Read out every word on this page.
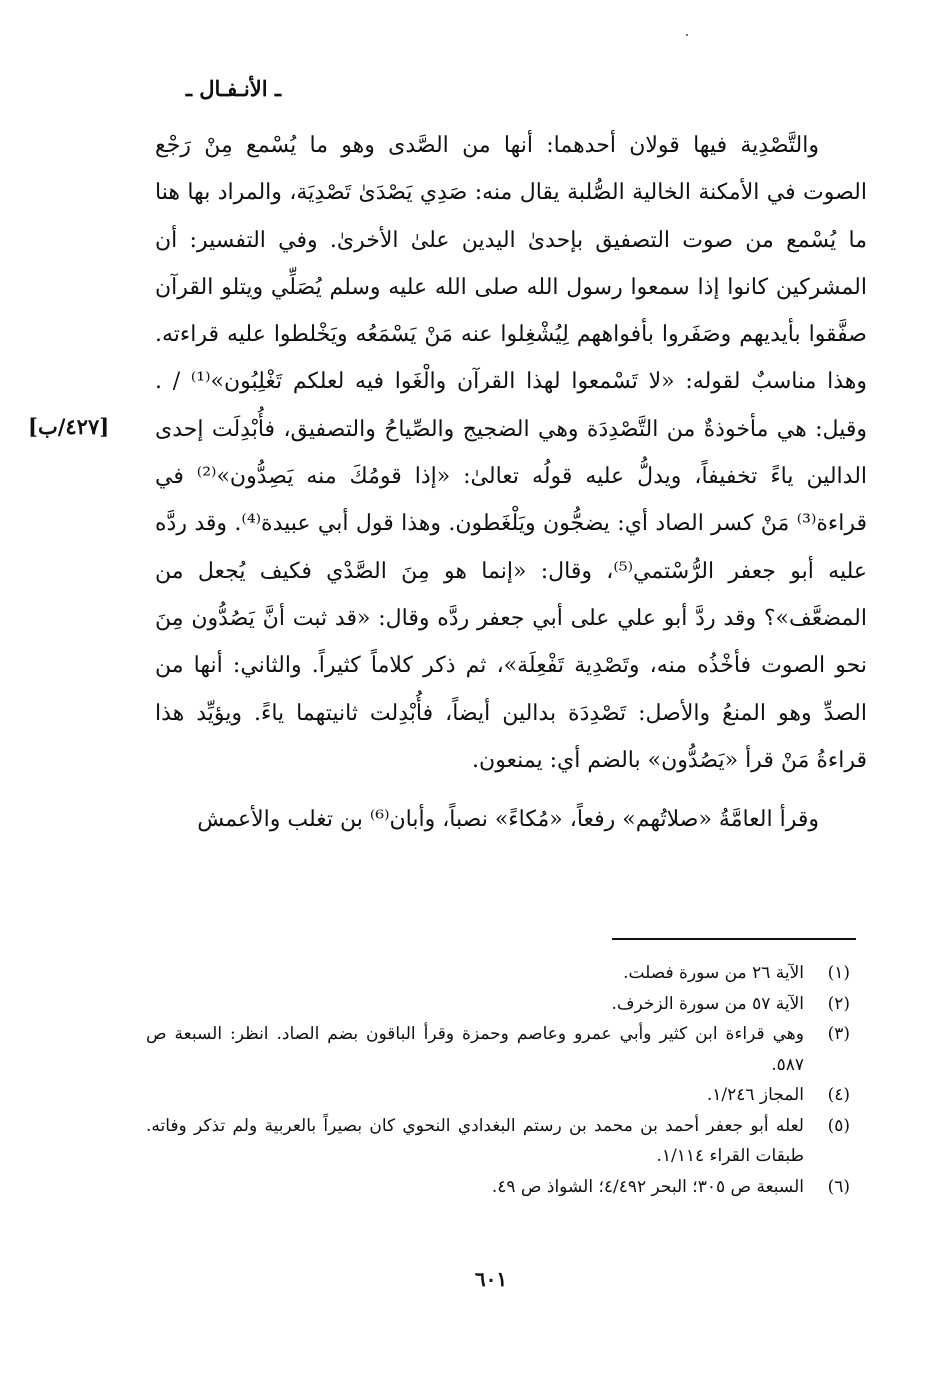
ـ الأنـفـال ـ
[٤٢٧/ب]

والتَّصْدِية فيها قولان أحدهما: أنها من الصَّدى وهو ما يُسْمع مِنْ رَجْع الصوت في الأمكنة الخالية الصُّلبة يقال منه: صَدِي يَصْدَىٰ تَصْدِيَة، والمراد بها هنا ما يُسْمع من صوت التصفيق بإحدىٰ اليدين علىٰ الأخرىٰ. وفي التفسير: أن المشركين كانوا إذا سمعوا رسول الله صلى الله عليه وسلم يُصَلِّي ويتلو القرآن صفَّقوا بأيديهم وصَفَروا بأفواههم لِيُشْغِلوا عنه مَنْ يَسْمَعُه ويَخْلطوا عليه قراءته. وهذا مناسبٌ لقوله: «لا تَسْمعوا لهذا القرآن والْغَوا فيه لعلكم تَغْلِبُون»⁽¹⁾ / . وقيل: هي مأخوذةٌ من التَّصْدِدَة وهي الضجيج والصِّياحُ والتصفيق، فأُبْدِلَت إحدى الدالين ياءً تخفيفاً، ويدلُّ عليه قولُه تعالىٰ: «إذا قومُكَ منه يَصِدُّون»⁽²⁾ في قراءة⁽³⁾ مَنْ كسر الصاد أي: يضجُّون ويَلْغَطون. وهذا قول أبي عبيدة⁽⁴⁾. وقد ردَّه عليه أبو جعفر الرُّسْتمي⁽⁵⁾، وقال: «إنما هو مِنَ الصَّدْي فكيف يُجعل من المضعَّف»؟ وقد ردَّ أبو علي على أبي جعفر ردَّه وقال: «قد ثبت أنَّ يَصُدُّون مِنَ نحو الصوت فأخْذُه منه، وتَصْدِية تَفْعِلَة»، ثم ذكر كلاماً كثيراً. والثاني: أنها من الصدِّ وهو المنعُ والأصل: تَصْدِدَة بدالين أيضاً، فأُبْدِلت ثانيتهما ياءً. ويؤيِّد هذا قراءةُ مَنْ قرأ «يَصُدُّون» بالضم أي: يمنعون.

وقرأ العامَّةُ «صلاتُهم» رفعاً، «مُكاءً» نصباً، وأبان⁽⁶⁾ بن تغلب والأعمش

(١)
الآية ٢٦ من سورة فصلت.
(٢)
الآية ٥٧ من سورة الزخرف.
(٣)
وهي قراءة ابن كثير وأبي عمرو وعاصم وحمزة وقرأ الباقون بضم الصاد. انظر: السبعة ص ٥٨٧.
(٤)
المجاز ١/٢٤٦.
(٥)
لعله أبو جعفر أحمد بن محمد بن رستم البغدادي النحوي كان بصيراً بالعربية ولم تذكر وفاته. طبقات القراء ١/١١٤.
(٦)
السبعة ص ٣٠٥؛ البحر ٤/٤٩٢؛ الشواذ ص ٤٩.
٦٠١
